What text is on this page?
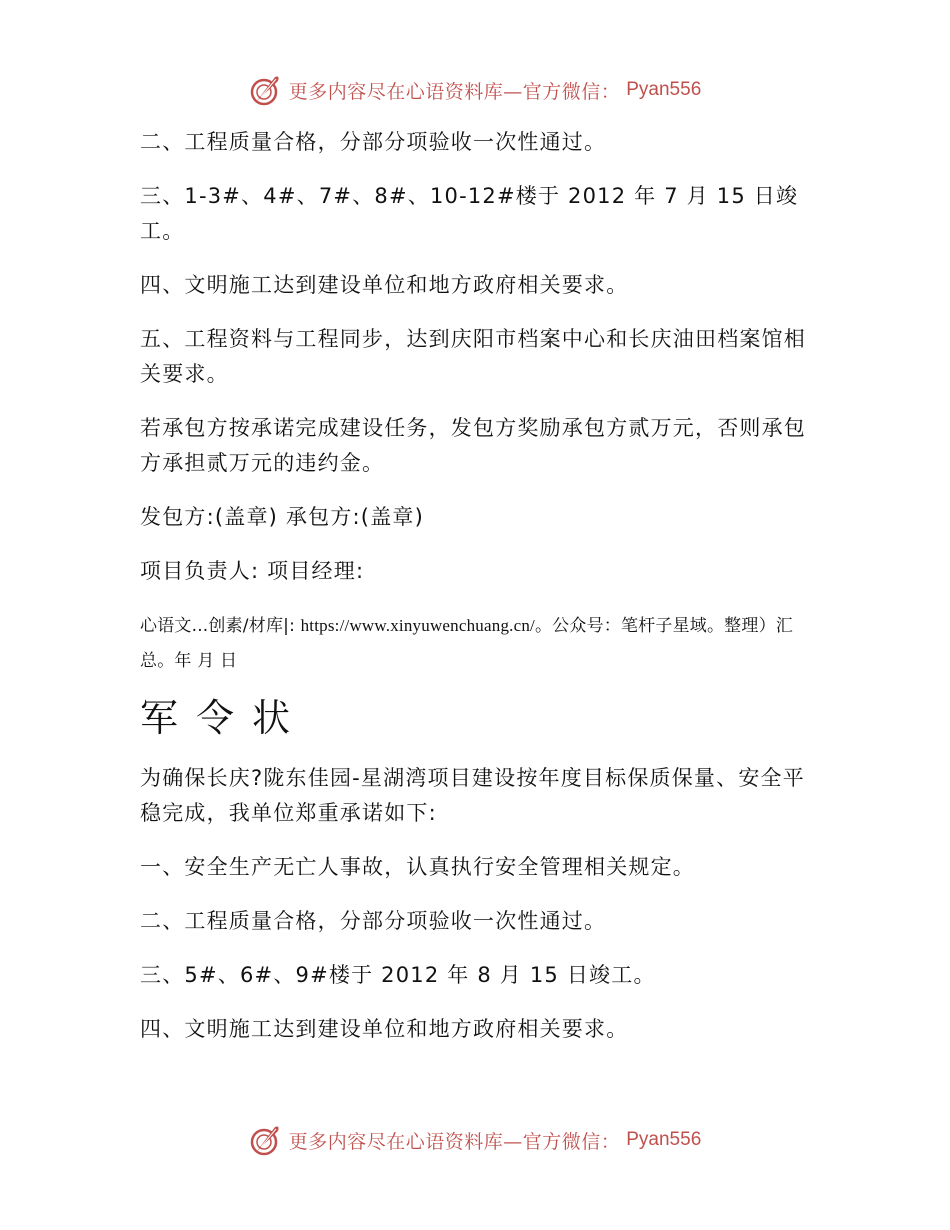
更多内容尽在心语资料库—官方微信： Pyan556

二、工程质量合格，分部分项验收一次性通过。

三、1-3#、4#、7#、8#、10-12#楼于 2012 年 7 月 15 日竣工。

四、文明施工达到建设单位和地方政府相关要求。

五、工程资料与工程同步，达到庆阳市档案中心和长庆油田档案馆相关要求。

若承包方按承诺完成建设任务，发包方奖励承包方贰万元，否则承包方承担贰万元的违约金。

发包方:(盖章) 承包方:(盖章)

项目负责人: 项目经理:

心语文...创素/材库|: https://www.xinyuwenchuang.cn/。公众号：笔杆子星域。整理）汇总。年 月 日

军令状

为确保长庆?陇东佳园-星湖湾项目建设按年度目标保质保量、安全平稳完成，我单位郑重承诺如下:

一、安全生产无亡人事故，认真执行安全管理相关规定。

二、工程质量合格，分部分项验收一次性通过。

三、5#、6#、9#楼于 2012 年 8 月 15 日竣工。

四、文明施工达到建设单位和地方政府相关要求。

更多内容尽在心语资料库—官方微信： Pyan556
